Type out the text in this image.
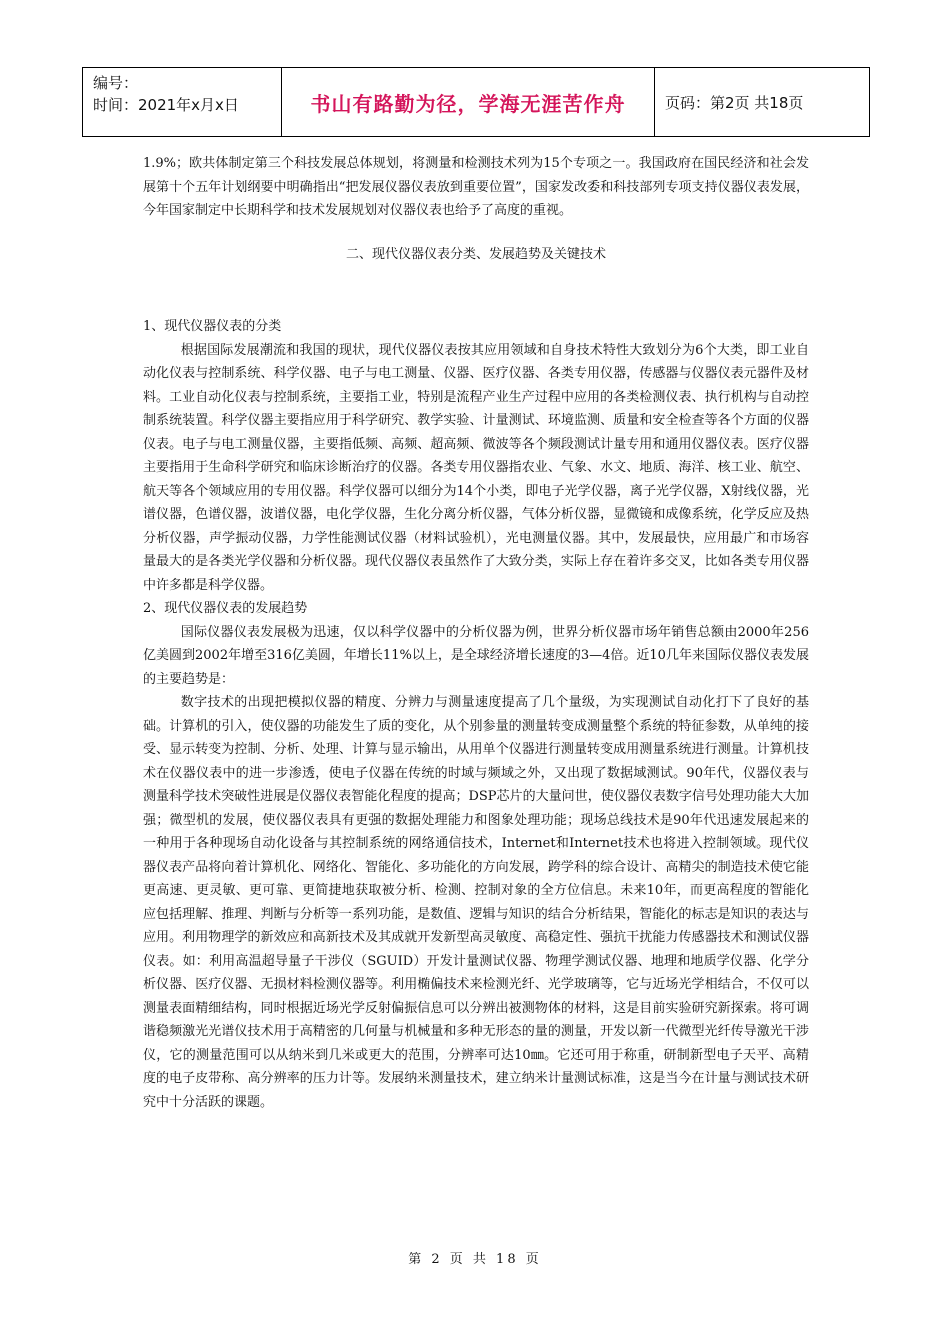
编号：
时间：2021年x月x日	书山有路勤为径，学海无涯苦作舟	页码：第2页 共18页

1.9%；欧共体制定第三个科技发展总体规划，将测量和检测技术列为15个专项之一。我国政府在国民经济和社会发展第十个五年计划纲要中明确指出“把发展仪器仪表放到重要位置”，国家发改委和科技部列专项支持仪器仪表发展，今年国家制定中长期科学和技术发展规划对仪器仪表也给予了高度的重视。

二、现代仪器仪表分类、发展趋势及关键技术

1、现代仪器仪表的分类

根据国际发展潮流和我国的现状，现代仪器仪表按其应用领域和自身技术特性大致划分为6个大类，即工业自动化仪表与控制系统、科学仪器、电子与电工测量、仪器、医疗仪器、各类专用仪器，传感器与仪器仪表元器件及材料。工业自动化仪表与控制系统，主要指工业，特别是流程产业生产过程中应用的各类检测仪表、执行机构与自动控制系统装置。科学仪器主要指应用于科学研究、教学实验、计量测试、环境监测、质量和安全检查等各个方面的仪器仪表。电子与电工测量仪器，主要指低频、高频、超高频、微波等各个频段测试计量专用和通用仪器仪表。医疗仪器主要指用于生命科学研究和临床诊断治疗的仪器。各类专用仪器指农业、气象、水文、地质、海洋、核工业、航空、航天等各个领域应用的专用仪器。科学仪器可以细分为14个小类，即电子光学仪器，离子光学仪器，X射线仪器，光谱仪器，色谱仪器，波谱仪器，电化学仪器，生化分离分析仪器，气体分析仪器，显微镜和成像系统，化学反应及热分析仪器，声学振动仪器，力学性能测试仪器（材料试验机），光电测量仪器。其中，发展最快，应用最广和市场容量最大的是各类光学仪器和分析仪器。现代仪器仪表虽然作了大致分类，实际上存在着许多交叉，比如各类专用仪器中许多都是科学仪器。

2、现代仪器仪表的发展趋势

国际仪器仪表发展极为迅速，仅以科学仪器中的分析仪器为例，世界分析仪器市场年销售总额由2000年256亿美圆到2002年增至316亿美圆，年增长11%以上，是全球经济增长速度的3—4倍。近10几年来国际仪器仪表发展的主要趋势是：

数字技术的出现把模拟仪器的精度、分辨力与测量速度提高了几个量级，为实现测试自动化打下了良好的基础。计算机的引入，使仪器的功能发生了质的变化，从个别参量的测量转变成测量整个系统的特征参数，从单纯的接受、显示转变为控制、分析、处理、计算与显示输出，从用单个仪器进行测量转变成用测量系统进行测量。计算机技术在仪器仪表中的进一步渗透，使电子仪器在传统的时域与频域之外，又出现了数据域测试。90年代，仪器仪表与测量科学技术突破性进展是仪器仪表智能化程度的提高；DSP芯片的大量问世，使仪器仪表数字信号处理功能大大加强；微型机的发展，使仪器仪表具有更强的数据处理能力和图象处理功能；现场总线技术是90年代迅速发展起来的一种用于各种现场自动化设备与其控制系统的网络通信技术，Internet和Internet技术也将进入控制领域。现代仪器仪表产品将向着计算机化、网络化、智能化、多功能化的方向发展，跨学科的综合设计、高精尖的制造技术使它能更高速、更灵敏、更可靠、更简捷地获取被分析、检测、控制对象的全方位信息。未来10年，而更高程度的智能化应包括理解、推理、判断与分析等一系列功能，是数值、逻辑与知识的结合分析结果，智能化的标志是知识的表达与应用。利用物理学的新效应和高新技术及其成就开发新型高灵敏度、高稳定性、强抗干扰能力传感器技术和测试仪器仪表。如：利用高温超导量子干涉仪（SGUID）开发计量测试仪器、物理学测试仪器、地理和地质学仪器、化学分析仪器、医疗仪器、无损材料检测仪器等。利用椭偏技术来检测光纤、光学玻璃等，它与近场光学相结合，不仅可以测量表面精细结构，同时根据近场光学反射偏振信息可以分辨出被测物体的材料，这是目前实验研究新探索。将可调谐稳频激光光谱仪技术用于高精密的几何量与机械量和多种无形态的量的测量，开发以新一代微型光纤传导激光干涉仪，它的测量范围可以从纳米到几米或更大的范围，分辨率可达10㎜。它还可用于称重，研制新型电子天平、高精度的电子皮带称、高分辨率的压力计等。发展纳米测量技术，建立纳米计量测试标准，这是当今在计量与测试技术研究中十分活跃的课题。

第 2 页 共 18 页
